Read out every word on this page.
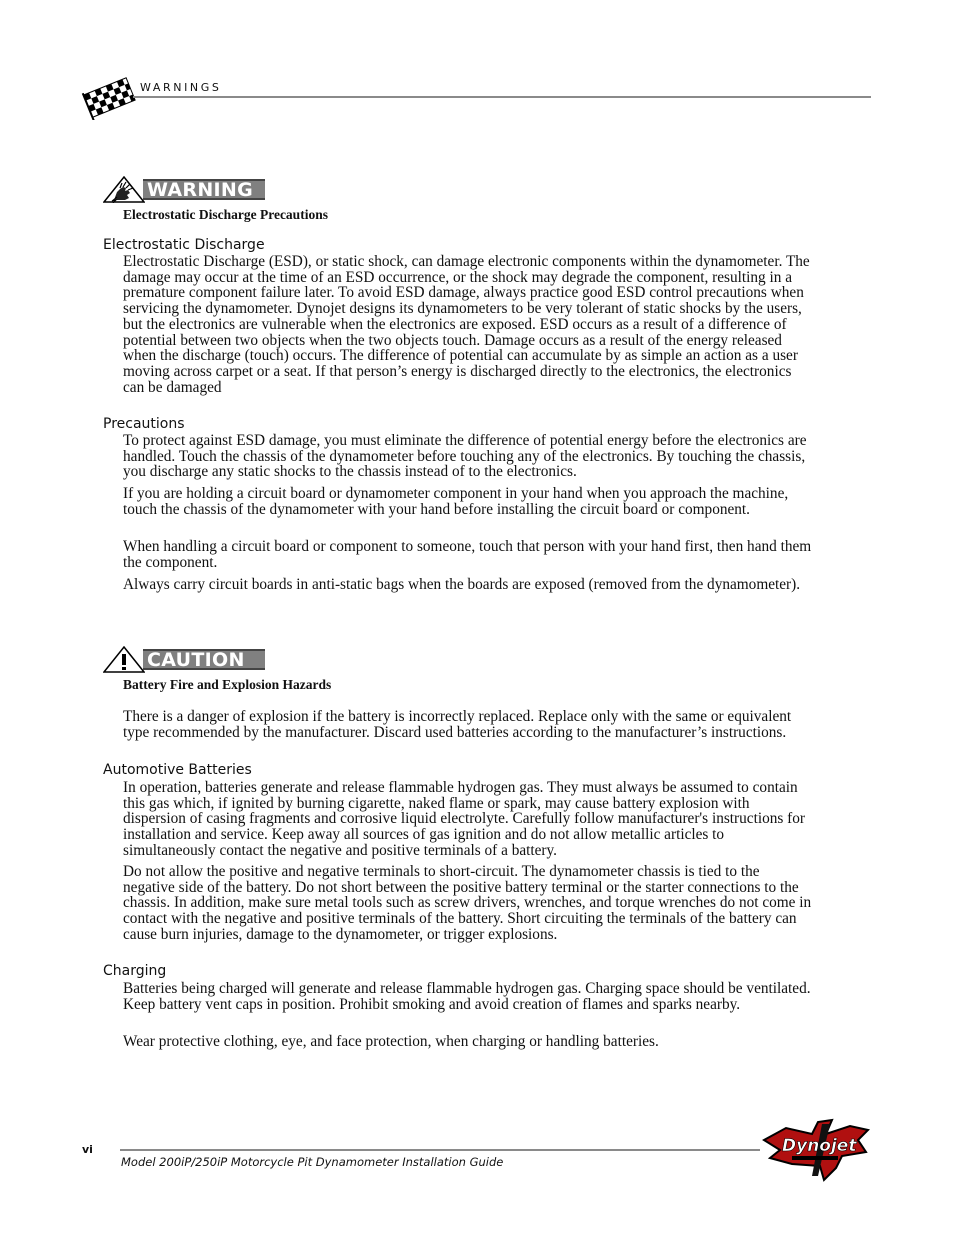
WARNINGS
WARNING
Electrostatic Discharge Precautions
Electrostatic Discharge

Electrostatic Discharge (ESD), or static shock, can damage electronic components within the dynamometer. The damage may occur at the time of an ESD occurrence, or the shock may degrade the component, resulting in a premature component failure later. To avoid ESD damage, always practice good ESD control precautions when servicing the dynamometer. Dynojet designs its dynamometers to be very tolerant of static shocks by the users, but the electronics are vulnerable when the electronics are exposed. ESD occurs as a result of a difference of potential between two objects when the two objects touch. Damage occurs as a result of the energy released when the discharge (touch) occurs. The difference of potential can accumulate by as simple an action as a user moving across carpet or a seat. If that person’s energy is discharged directly to the electronics, the electronics can be damaged

Precautions

To protect against ESD damage, you must eliminate the difference of potential energy before the electronics are handled. Touch the chassis of the dynamometer before touching any of the electronics. By touching the chassis, you discharge any static shocks to the chassis instead of to the electronics.

If you are holding a circuit board or dynamometer component in your hand when you approach the machine, touch the chassis of the dynamometer with your hand before installing the circuit board or component.

When handling a circuit board or component to someone, touch that person with your hand first, then hand them the component.

Always carry circuit boards in anti-static bags when the boards are exposed (removed from the dynamometer).

CAUTION
Battery Fire and Explosion Hazards

There is a danger of explosion if the battery is incorrectly replaced. Replace only with the same or equivalent type recommended by the manufacturer. Discard used batteries according to the manufacturer’s instructions.

Automotive Batteries

In operation, batteries generate and release flammable hydrogen gas. They must always be assumed to contain this gas which, if ignited by burning cigarette, naked flame or spark, may cause battery explosion with dispersion of casing fragments and corrosive liquid electrolyte. Carefully follow manufacturer's instructions for installation and service. Keep away all sources of gas ignition and do not allow metallic articles to simultaneously contact the negative and positive terminals of a battery.

Do not allow the positive and negative terminals to short-circuit. The dynamometer chassis is tied to the negative side of the battery. Do not short between the positive battery terminal or the starter connections to the chassis. In addition, make sure metal tools such as screw drivers, wrenches, and torque wrenches do not come in contact with the negative and positive terminals of the battery. Short circuiting the terminals of the battery can cause burn injuries, damage to the dynamometer, or trigger explosions.

Charging

Batteries being charged will generate and release flammable hydrogen gas. Charging space should be ventilated. Keep battery vent caps in position. Prohibit smoking and avoid creation of flames and sparks nearby.

Wear protective clothing, eye, and face protection, when charging or handling batteries.

vi
Model 200iP/250iP Motorcycle Pit Dynamometer Installation Guide
Dynojet
